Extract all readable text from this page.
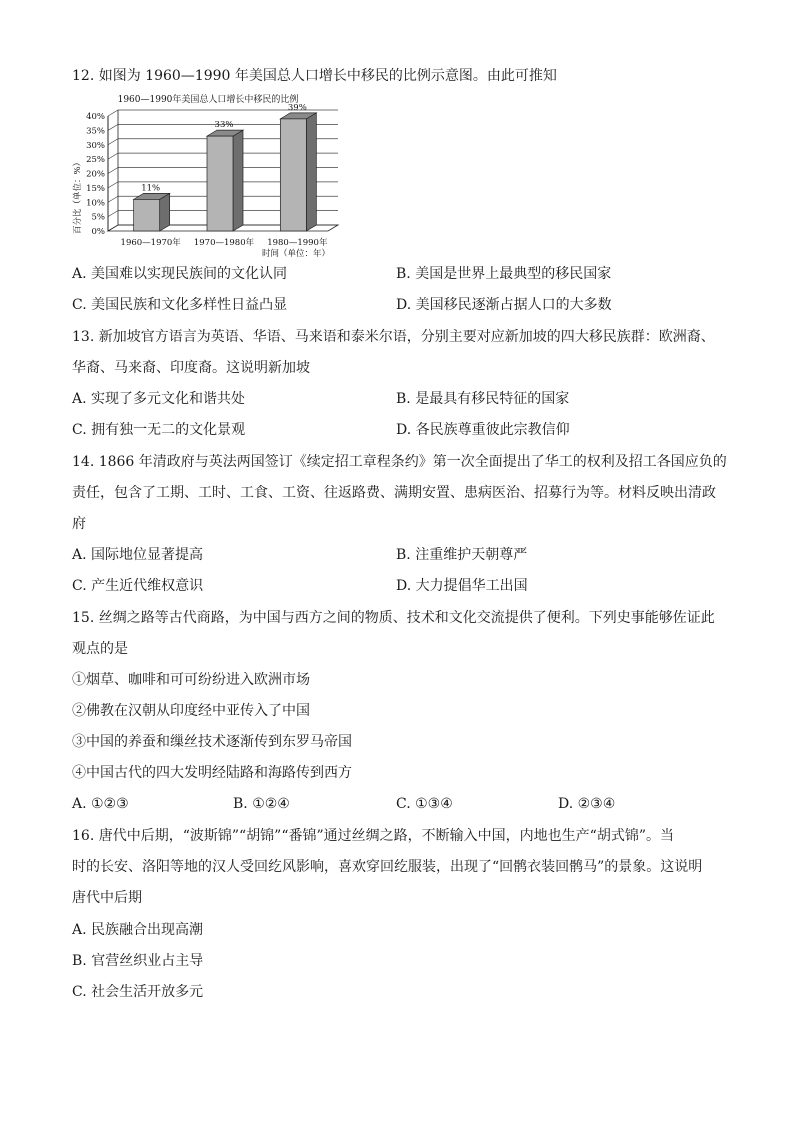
12. 如图为 1960—1990 年美国总人口增长中移民的比例示意图。由此可推知
1960—1990年美国总人口增长中移民的比例
百分比（单位：%） 0%
5%
10%
15%
20%
25%
30%
35%
40%
11%
1960—1970年
33%
1970—1980年
39%
1980—1990年
时间（单位：年）
A. 美国难以实现民族间的文化认同	B. 美国是世界上最典型的移民国家
C. 美国民族和文化多样性日益凸显	D. 美国移民逐渐占据人口的大多数
13. 新加坡官方语言为英语、华语、马来语和泰米尔语，分别主要对应新加坡的四大移民族群：欧洲裔、
华裔、马来裔、印度裔。这说明新加坡
A. 实现了多元文化和谐共处	B. 是最具有移民特征的国家
C. 拥有独一无二的文化景观	D. 各民族尊重彼此宗教信仰
14. 1866 年清政府与英法两国签订《续定招工章程条约》第一次全面提出了华工的权利及招工各国应负的
责任，包含了工期、工时、工食、工资、往返路费、满期安置、患病医治、招募行为等。材料反映出清政
府
A. 国际地位显著提高	B. 注重维护天朝尊严
C. 产生近代维权意识	D. 大力提倡华工出国
15. 丝绸之路等古代商路，为中国与西方之间的物质、技术和文化交流提供了便利。下列史事能够佐证此
观点的是
①烟草、咖啡和可可纷纷进入欧洲市场
②佛教在汉朝从印度经中亚传入了中国
③中国的养蚕和缫丝技术逐渐传到东罗马帝国
④中国古代的四大发明经陆路和海路传到西方
A. ①②③	B. ①②④	C. ①③④	D. ②③④
16. 唐代中后期，“波斯锦”“胡锦”“番锦”通过丝绸之路，不断输入中国，内地也生产“胡式锦”。当
时的长安、洛阳等地的汉人受回纥风影响，喜欢穿回纥服装，出现了“回鹘衣装回鹘马”的景象。这说明
唐代中后期
A. 民族融合出现高潮
B. 官营丝织业占主导
C. 社会生活开放多元
